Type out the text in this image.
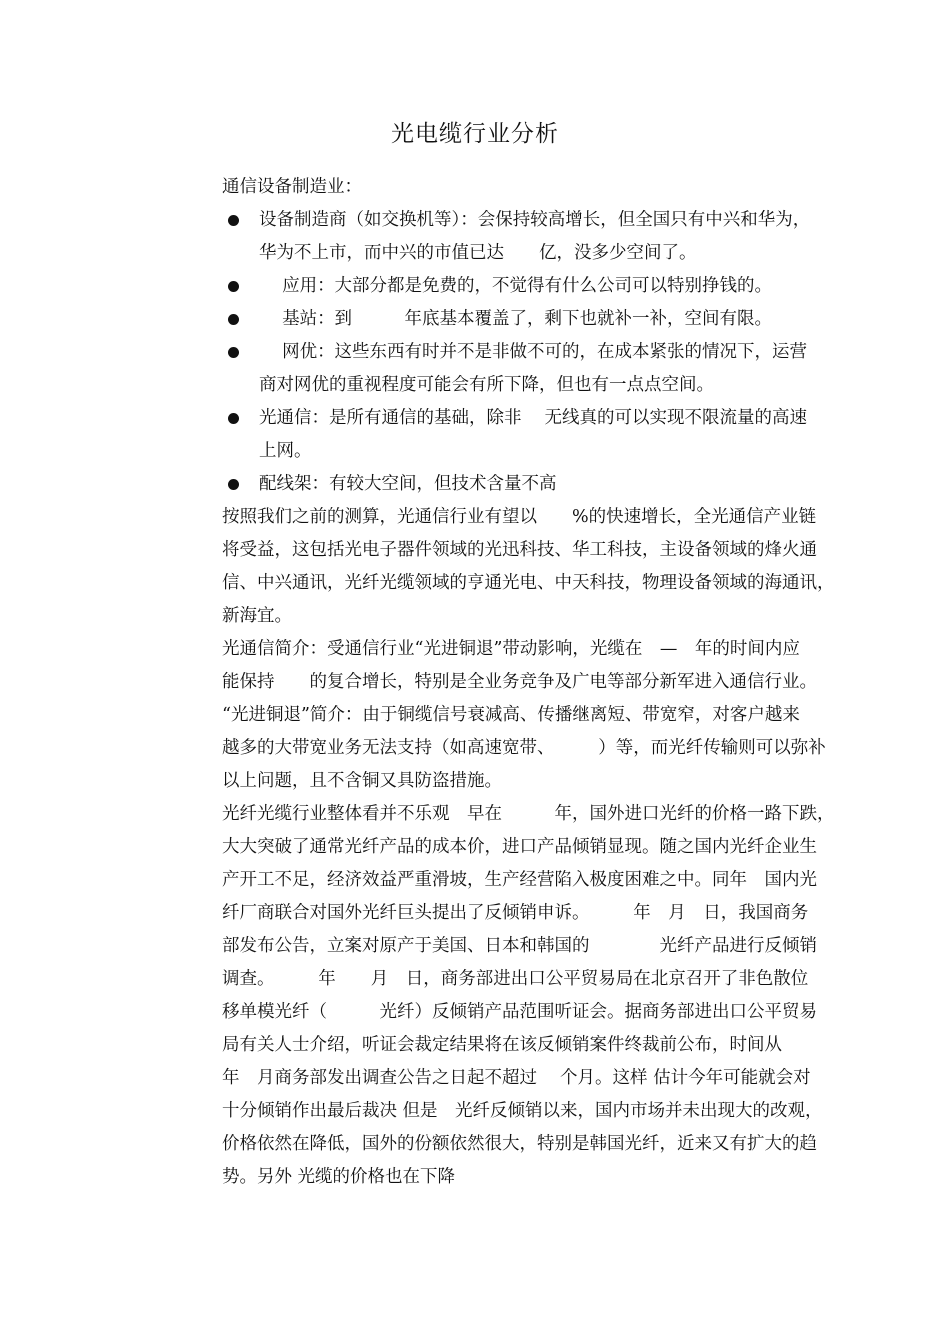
光电缆行业分析
通信设备制造业：
设备制造商（如交换机等）：会保持较高增长，但全国只有中兴和华为，
华为不上市，而中兴的市值已达　　亿，没多少空间了。
　 应用：大部分都是免费的，不觉得有什么公司可以特别挣钱的。
　 基站：到　　　年底基本覆盖了，剩下也就补一补，空间有限。
　 网优：这些东西有时并不是非做不可的，在成本紧张的情况下，运营
商对网优的重视程度可能会有所下降，但也有一点点空间。
光通信：是所有通信的基础，除非　 无线真的可以实现不限流量的高速
上网。
配线架：有较大空间，但技术含量不高
按照我们之前的测算，光通信行业有望以　　%的快速增长，全光通信产业链
将受益，这包括光电子器件领域的光迅科技、华工科技，主设备领域的烽火通
信、中兴通讯，光纤光缆领域的亨通光电、中天科技，物理设备领域的海通讯，
新海宜。
光通信简介：受通信行业“光进铜退”带动影响，光缆在　—　年的时间内应
能保持　　的复合增长，特别是全业务竞争及广电等部分新军进入通信行业。
“光进铜退”简介：由于铜缆信号衰减高、传播继离短、带宽窄，对客户越来
越多的大带宽业务无法支持（如高速宽带、　　　）等，而光纤传输则可以弥补
以上问题，且不含铜又具防盗措施。
光纤光缆行业整体看并不乐观　早在　　　年，国外进口光纤的价格一路下跌，
大大突破了通常光纤产品的成本价，进口产品倾销显现。随之国内光纤企业生
产开工不足，经济效益严重滑坡，生产经营陷入极度困难之中。同年　国内光
纤厂商联合对国外光纤巨头提出了反倾销申诉。　　　年　月　日，我国商务
部发布公告，立案对原产于美国、日本和韩国的　　　　光纤产品进行反倾销
调查。　　　年　　月　日，商务部进出口公平贸易局在北京召开了非色散位
移单模光纤（　　　光纤）反倾销产品范围听证会。据商务部进出口公平贸易
局有关人士介绍，听证会裁定结果将在该反倾销案件终裁前公布，时间从
年　月商务部发出调查公告之日起不超过　 个月。这样 估计今年可能就会对
十分倾销作出最后裁决 但是　光纤反倾销以来，国内市场并未出现大的改观，
价格依然在降低，国外的份额依然很大，特别是韩国光纤，近来又有扩大的趋
势。另外 光缆的价格也在下降
